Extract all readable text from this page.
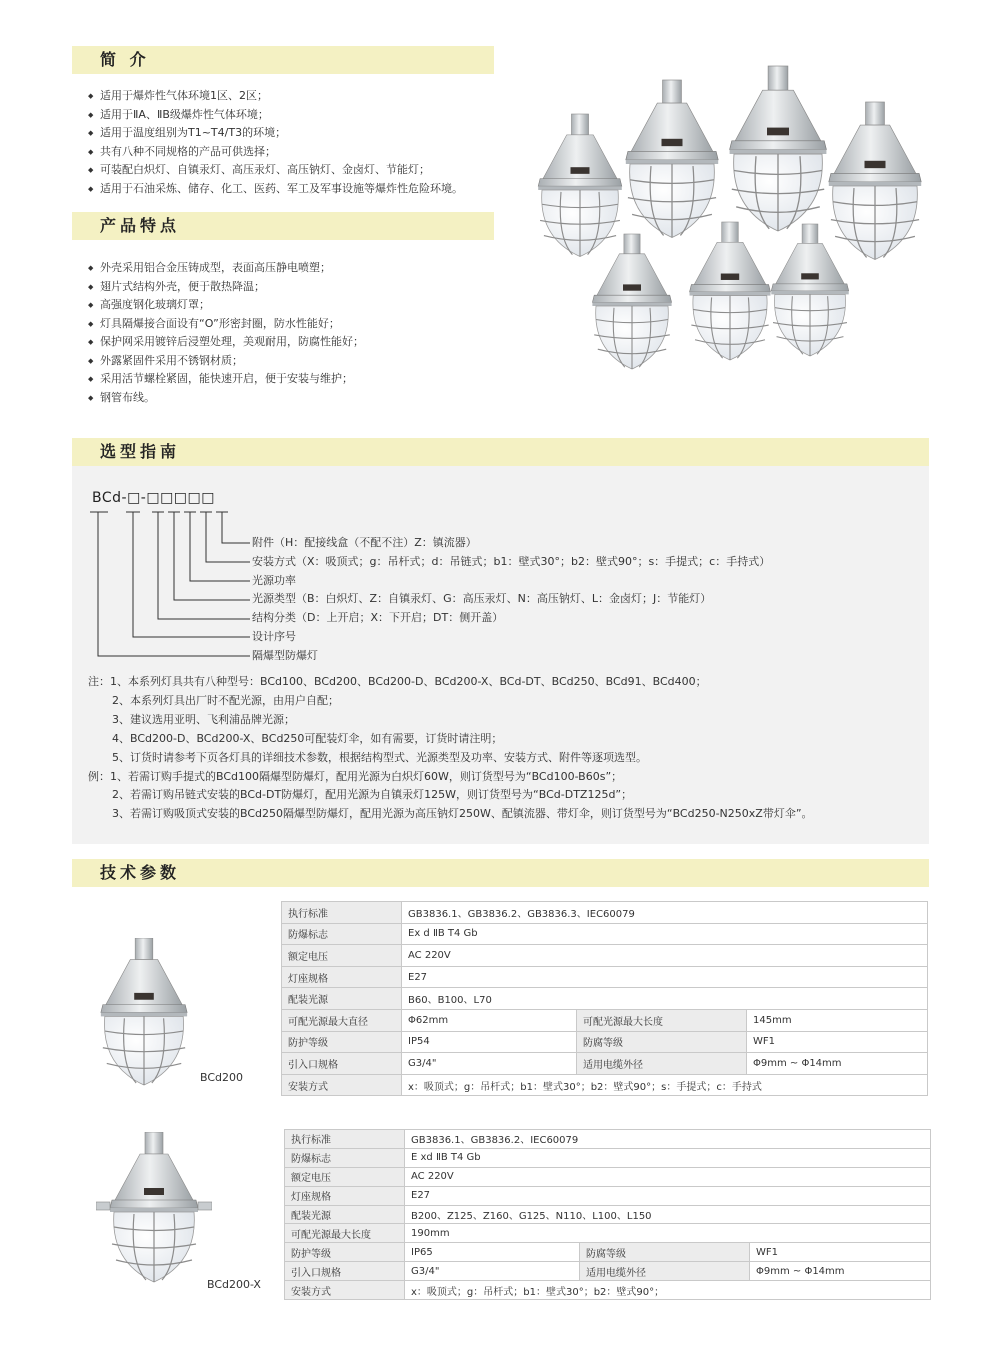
简 介
◆ 适用于爆炸性气体环境1区、2区；
◆ 适用于ⅡA、ⅡB级爆炸性气体环境；
◆ 适用于温度组别为T1~T4/T3的环境；
◆ 共有八种不同规格的产品可供选择；
◆ 可装配白炽灯、自镇汞灯、高压汞灯、高压钠灯、金卤灯、节能灯；
◆ 适用于石油采炼、储存、化工、医药、军工及军事设施等爆炸性危险环境。
产品特点
◆ 外壳采用铝合金压铸成型，表面高压静电喷塑；
◆ 翅片式结构外壳，便于散热降温；
◆ 高强度钢化玻璃灯罩；
◆ 灯具隔爆接合面设有“O”形密封圈，防水性能好；
◆ 保护网采用镀锌后浸塑处理，美观耐用，防腐性能好；
◆ 外露紧固件采用不锈钢材质；
◆ 采用活节螺栓紧固，能快速开启，便于安装与维护；
◆ 钢管布线。
选型指南
BCd-□-□□□□□
附件（H：配接线盒（不配不注）Z：镇流器）
安装方式（X：吸顶式；g：吊杆式；d：吊链式；b1：壁式30°；b2：壁式90°；s：手提式；c：手持式）
光源功率
光源类型（B：白炽灯、Z：自镇汞灯、G：高压汞灯、N：高压钠灯、L：金卤灯；J：节能灯）
结构分类（D：上开启；X：下开启；DT：侧开盖）
设计序号
隔爆型防爆灯
注：1、本系列灯具共有八种型号：BCd100、BCd200、BCd200-D、BCd200-X、BCd-DT、BCd250、BCd91、BCd400；
2、本系列灯具出厂时不配光源，由用户自配；
3、建议选用亚明、飞利浦品牌光源；
4、BCd200-D、BCd200-X、BCd250可配装灯伞，如有需要，订货时请注明；
5、订货时请参考下页各灯具的详细技术参数，根据结构型式、光源类型及功率、安装方式、附件等逐项选型。
例：1、若需订购手提式的BCd100隔爆型防爆灯，配用光源为白炽灯60W，则订货型号为“BCd100-B60s”；
2、若需订购吊链式安装的BCd-DT防爆灯，配用光源为自镇汞灯125W，则订货型号为“BCd-DTZ125d”；
3、若需订购吸顶式安装的BCd250隔爆型防爆灯，配用光源为高压钠灯250W、配镇流器、带灯伞，则订货型号为“BCd250-N250xZ带灯伞”。
技术参数
BCd200
执行标准	GB3836.1、GB3836.2、GB3836.3、IEC60079		
防爆标志	Ex d ⅡB T4 Gb		
额定电压	AC 220V		
灯座规格	E27		
配装光源	B60、B100、L70		
可配光源最大直径	Φ62mm	可配光源最大长度	145mm
防护等级	IP54	防腐等级	WF1
引入口规格	G3/4"	适用电缆外径	Φ9mm ~ Φ14mm
安装方式	x：吸顶式；g：吊杆式；b1：壁式30°；b2：壁式90°；s：手提式；c：手持式		
BCd200-X
执行标准	GB3836.1、GB3836.2、IEC60079		
防爆标志	E xd ⅡB T4 Gb		
额定电压	AC 220V		
灯座规格	E27		
配装光源	B200、Z125、Z160、G125、N110、L100、L150		
可配光源最大长度	190mm		
防护等级	IP65	防腐等级	WF1
引入口规格	G3/4"	适用电缆外径	Φ9mm ~ Φ14mm
安装方式	x：吸顶式；g：吊杆式；b1：壁式30°；b2：壁式90°；		
